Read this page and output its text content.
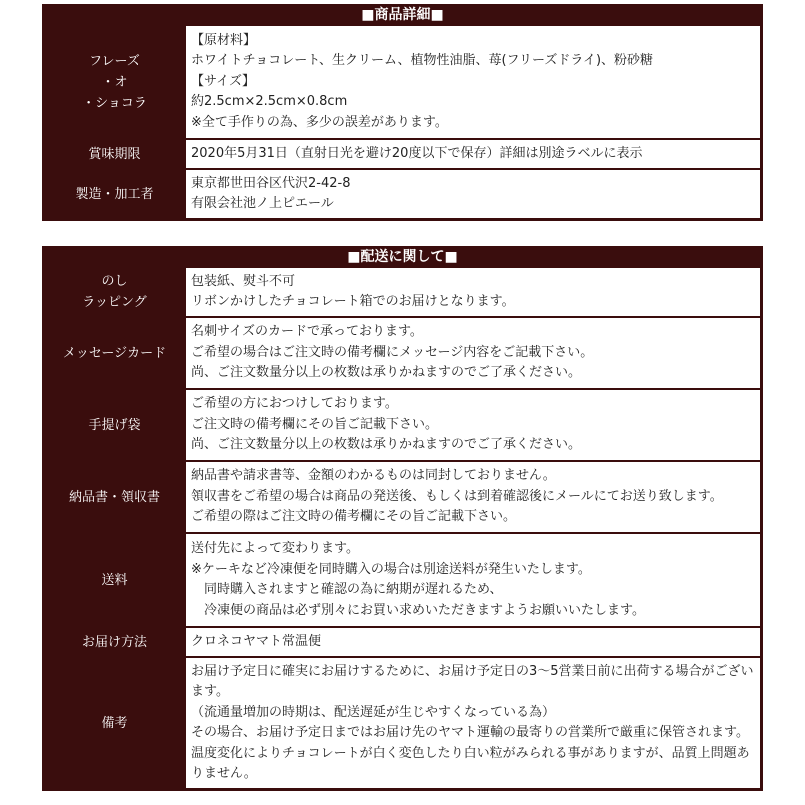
■商品詳細■
フレーズ
・オ
・ショコラ	【原材料】
ホワイトチョコレート、生クリーム、植物性油脂、苺(フリーズドライ)、粉砂糖
【サイズ】
約2.5cm×2.5cm×0.8cm
※全て手作りの為、多少の誤差があります。

賞味期限	2020年5月31日（直射日光を避け20度以下で保存）詳細は別途ラベルに表示

製造・加工者	東京都世田谷区代沢2-42-8
有限会社池ノ上ピエール
■配送に関して■
のし
ラッピング	包装紙、熨斗不可
リボンかけしたチョコレート箱でのお届けとなります。

メッセージカード	名刺サイズのカードで承っております。
ご希望の場合はご注文時の備考欄にメッセージ内容をご記載下さい。
尚、ご注文数量分以上の枚数は承りかねますのでご了承ください。

手提げ袋	ご希望の方におつけしております。
ご注文時の備考欄にその旨ご記載下さい。
尚、ご注文数量分以上の枚数は承りかねますのでご了承ください。

納品書・領収書	納品書や請求書等、金額のわかるものは同封しておりません。
領収書をご希望の場合は商品の発送後、もしくは到着確認後にメールにてお送り致します。
ご希望の際はご注文時の備考欄にその旨ご記載下さい。

送料	送付先によって変わります。
※ケーキなど冷凍便を同時購入の場合は別途送料が発生いたします。
　同時購入されますと確認の為に納期が遅れるため、
　冷凍便の商品は必ず別々にお買い求めいただきますようお願いいたします。

お届け方法	クロネコヤマト常温便

備考	お届け予定日に確実にお届けするために、お届け予定日の3～5営業日前に出荷する場合がございます。
（流通量増加の時期は、配送遅延が生じやすくなっている為）
その場合、お届け予定日まではお届け先のヤマト運輸の最寄りの営業所で厳重に保管されます。
温度変化によりチョコレートが白く変色したり白い粒がみられる事がありますが、品質上問題ありません。
